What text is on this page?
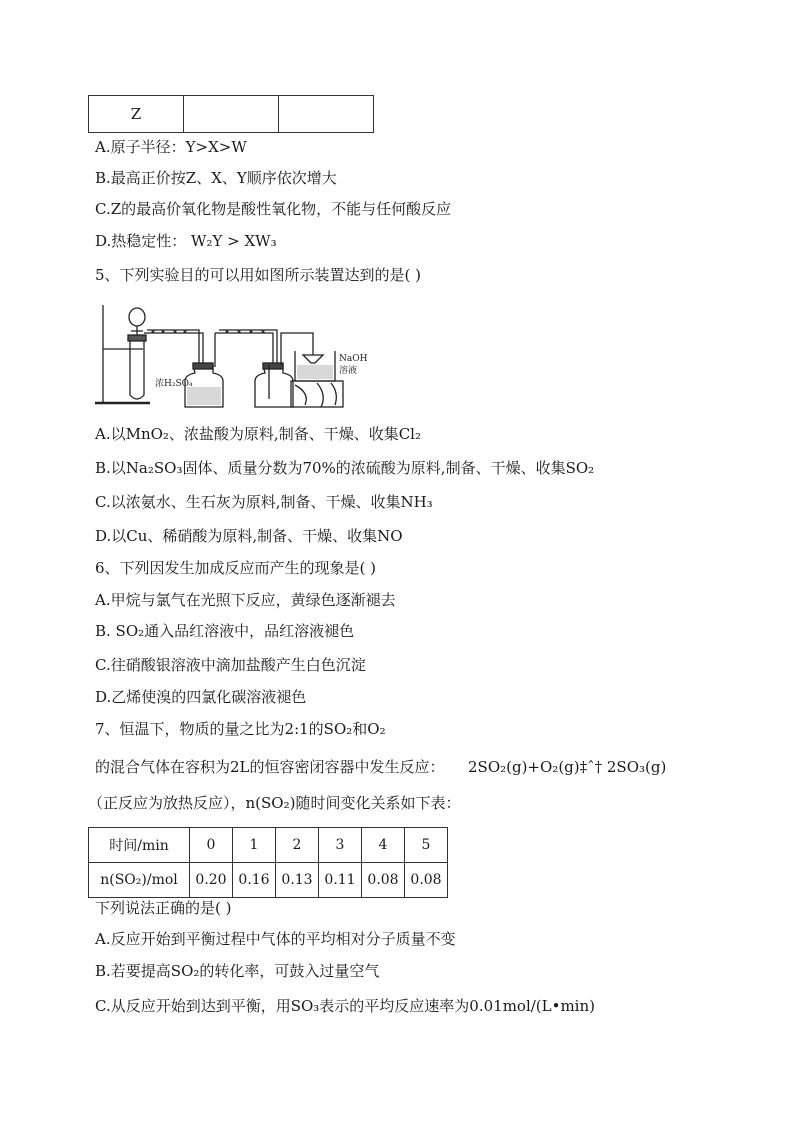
Z		
A.原子半径：Y>X>W
B.最高正价按Z、X、Y顺序依次增大
C.Z的最高价氧化物是酸性氧化物，不能与任何酸反应
D.热稳定性： W₂Y > XW₃
5、下列实验目的可以用如图所示装置达到的是( )
浓H₂SO₄
NaOH
溶液
A.以MnO₂、浓盐酸为原料,制备、干燥、收集Cl₂
B.以Na₂SO₃固体、质量分数为70%的浓硫酸为原料,制备、干燥、收集SO₂
C.以浓氨水、生石灰为原料,制备、干燥、收集NH₃
D.以Cu、稀硝酸为原料,制备、干燥、收集NO
6、下列因发生加成反应而产生的现象是( )
A.甲烷与氯气在光照下反应，黄绿色逐渐褪去
B. SO₂通入品红溶液中，品红溶液褪色
C.往硝酸银溶液中滴加盐酸产生白色沉淀
D.乙烯使溴的四氯化碳溶液褪色
7、恒温下，物质的量之比为2:1的SO₂和O₂
的混合气体在容积为2L的恒容密闭容器中发生反应： 2SO₂(g)+O₂(g)‡ˆ† 2SO₃(g)
（正反应为放热反应），n(SO₂)随时间变化关系如下表：
时间/min	0	1	2	3	4	5
n(SO₂)/mol	0.20	0.16	0.13	0.11	0.08	0.08
下列说法正确的是( )
A.反应开始到平衡过程中气体的平均相对分子质量不变
B.若要提高SO₂的转化率，可鼓入过量空气
C.从反应开始到达到平衡，用SO₃表示的平均反应速率为0.01mol/(L•min)
